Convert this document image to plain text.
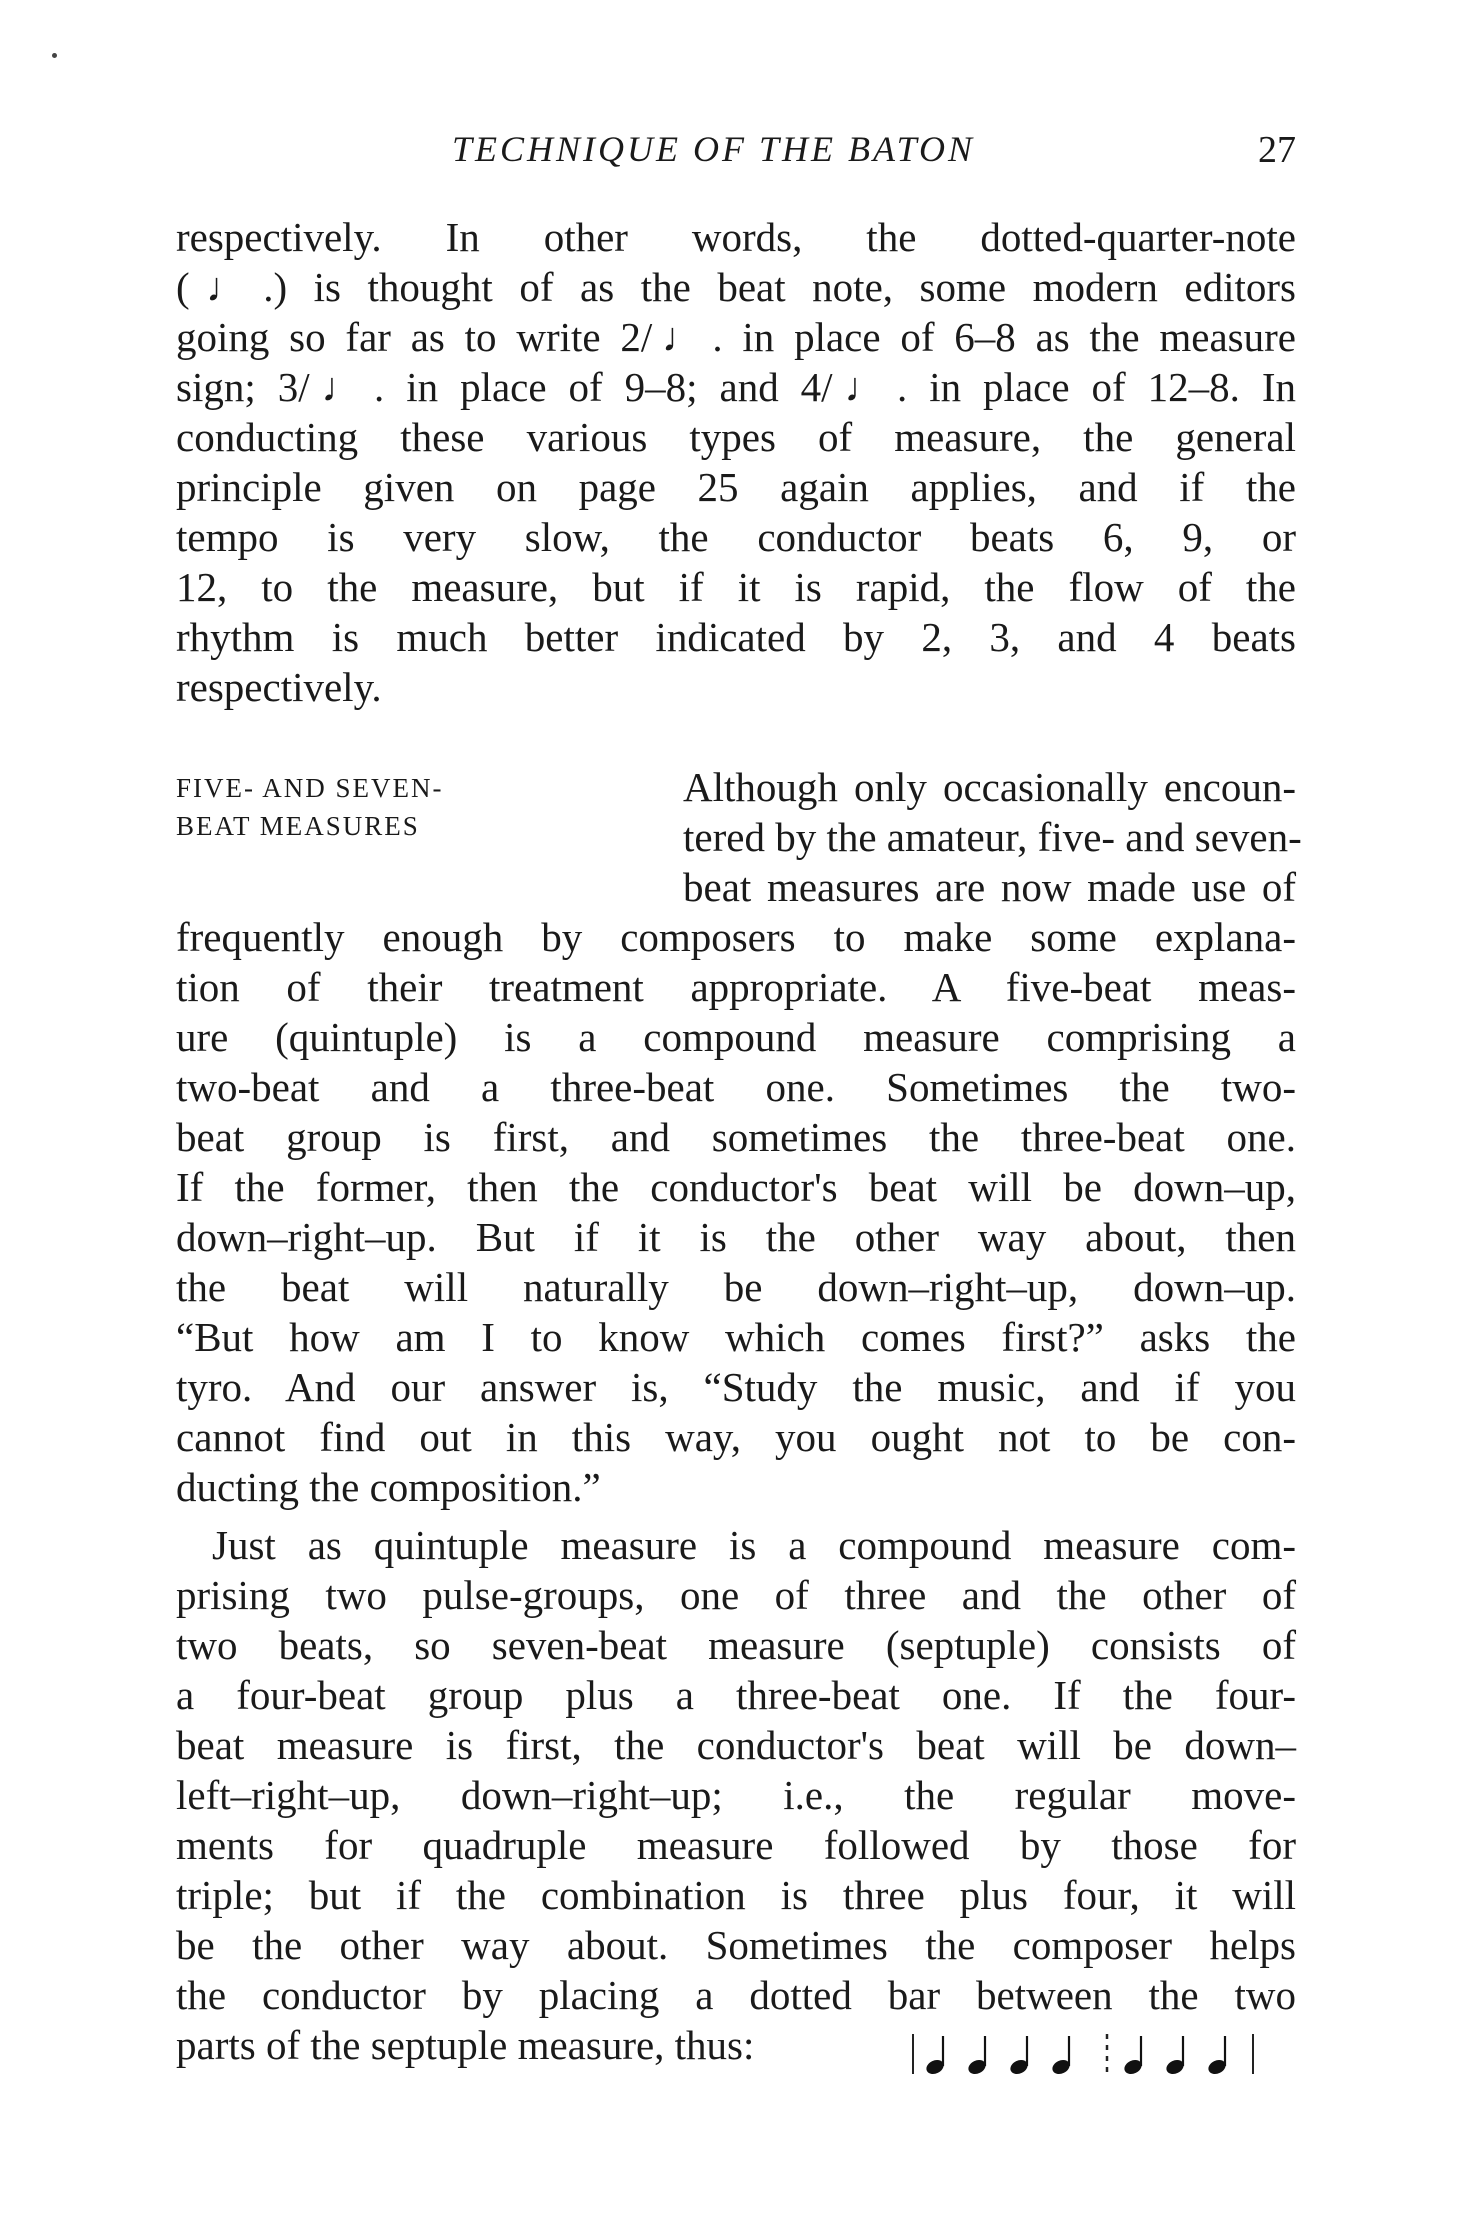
TECHNIQUE OF THE BATON	27
respectively. In other words, the dotted-quarter-note
(♩.) is thought of as the beat note, some modern editors
going so far as to write 2/♩. in place of 6–8 as the measure
sign; 3/♩. in place of 9–8; and 4/♩. in place of 12–8. In
conducting these various types of measure, the general
principle given on page 25 again applies, and if the
tempo is very slow, the conductor beats 6, 9, or
12, to the measure, but if it is rapid, the flow of the
rhythm is much better indicated by 2, 3, and 4 beats
respectively.
FIVE- AND SEVEN-
BEAT MEASURES
Although only occasionally encoun-
tered by the amateur, five- and seven-
beat measures are now made use of
frequently enough by composers to make some explana-
tion of their treatment appropriate. A five-beat meas-
ure (quintuple) is a compound measure comprising a
two-beat and a three-beat one. Sometimes the two-
beat group is first, and sometimes the three-beat one.
If the former, then the conductor's beat will be down–up,
down–right–up. But if it is the other way about, then
the beat will naturally be down–right–up, down–up.
“But how am I to know which comes first?” asks the
tyro. And our answer is, “Study the music, and if you
cannot find out in this way, you ought not to be con-
ducting the composition.”
Just as quintuple measure is a compound measure com-
prising two pulse-groups, one of three and the other of
two beats, so seven-beat measure (septuple) consists of
a four-beat group plus a three-beat one. If the four-
beat measure is first, the conductor's beat will be down–
left–right–up, down–right–up; i.e., the regular move-
ments for quadruple measure followed by those for
triple; but if the combination is three plus four, it will
be the other way about. Sometimes the composer helps
the conductor by placing a dotted bar between the two
parts of the septuple measure, thus:
